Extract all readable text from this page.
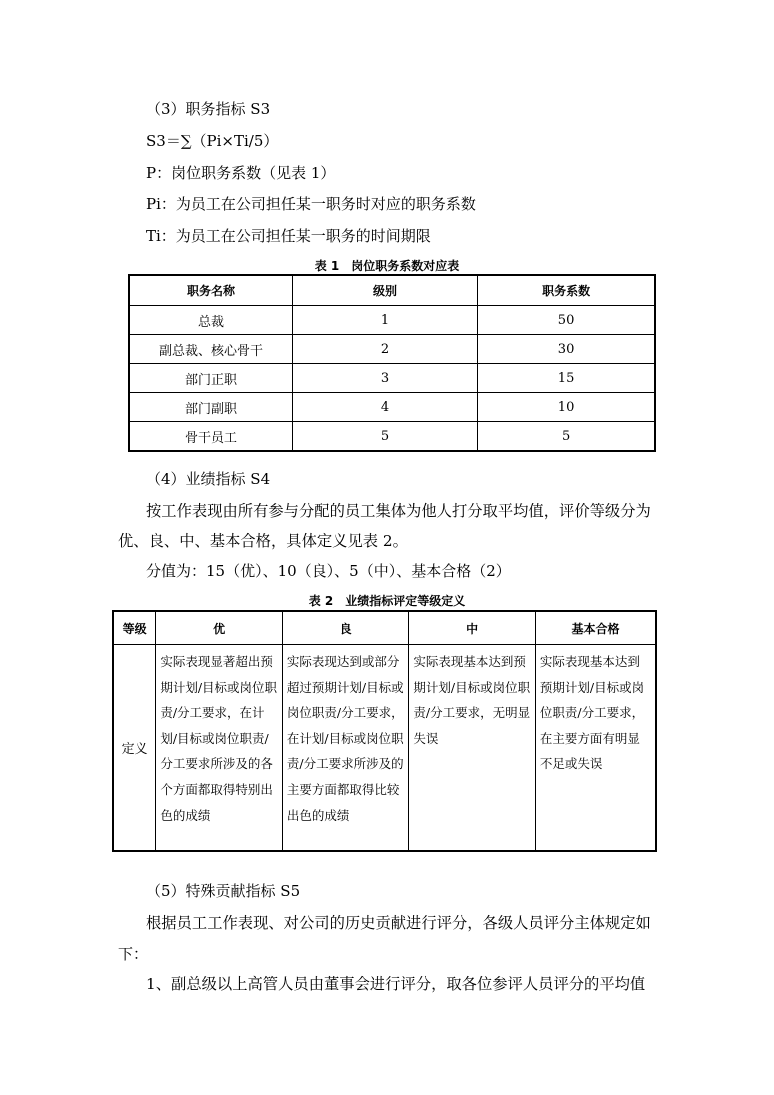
（3）职务指标 S3
S3＝∑（Pi×Ti/5）
P：岗位职务系数（见表 1）
Pi：为员工在公司担任某一职务时对应的职务系数
Ti：为员工在公司担任某一职务的时间期限
表 1　岗位职务系数对应表
职务名称	级别	职务系数
总裁	1	50
副总裁、核心骨干	2	30
部门正职	3	15
部门副职	4	10
骨干员工	5	5
（4）业绩指标 S4
按工作表现由所有参与分配的员工集体为他人打分取平均值，评价等级分为
优、良、中、基本合格，具体定义见表 2。
分值为：15（优）、10（良）、5（中）、基本合格（2）
表 2　业绩指标评定等级定义
等级	优	良	中	基本合格
定义	实际表现显著超出预期计划/目标或岗位职责/分工要求，在计划/目标或岗位职责/分工要求所涉及的各个方面都取得特别出色的成绩	实际表现达到或部分超过预期计划/目标或岗位职责/分工要求，在计划/目标或岗位职责/分工要求所涉及的主要方面都取得比较出色的成绩	实际表现基本达到预期计划/目标或岗位职责/分工要求，无明显失误	实际表现基本达到预期计划/目标或岗位职责/分工要求，在主要方面有明显不足或失误
（5）特殊贡献指标 S5
根据员工工作表现、对公司的历史贡献进行评分，各级人员评分主体规定如
下：
1、副总级以上高管人员由董事会进行评分，取各位参评人员评分的平均值
